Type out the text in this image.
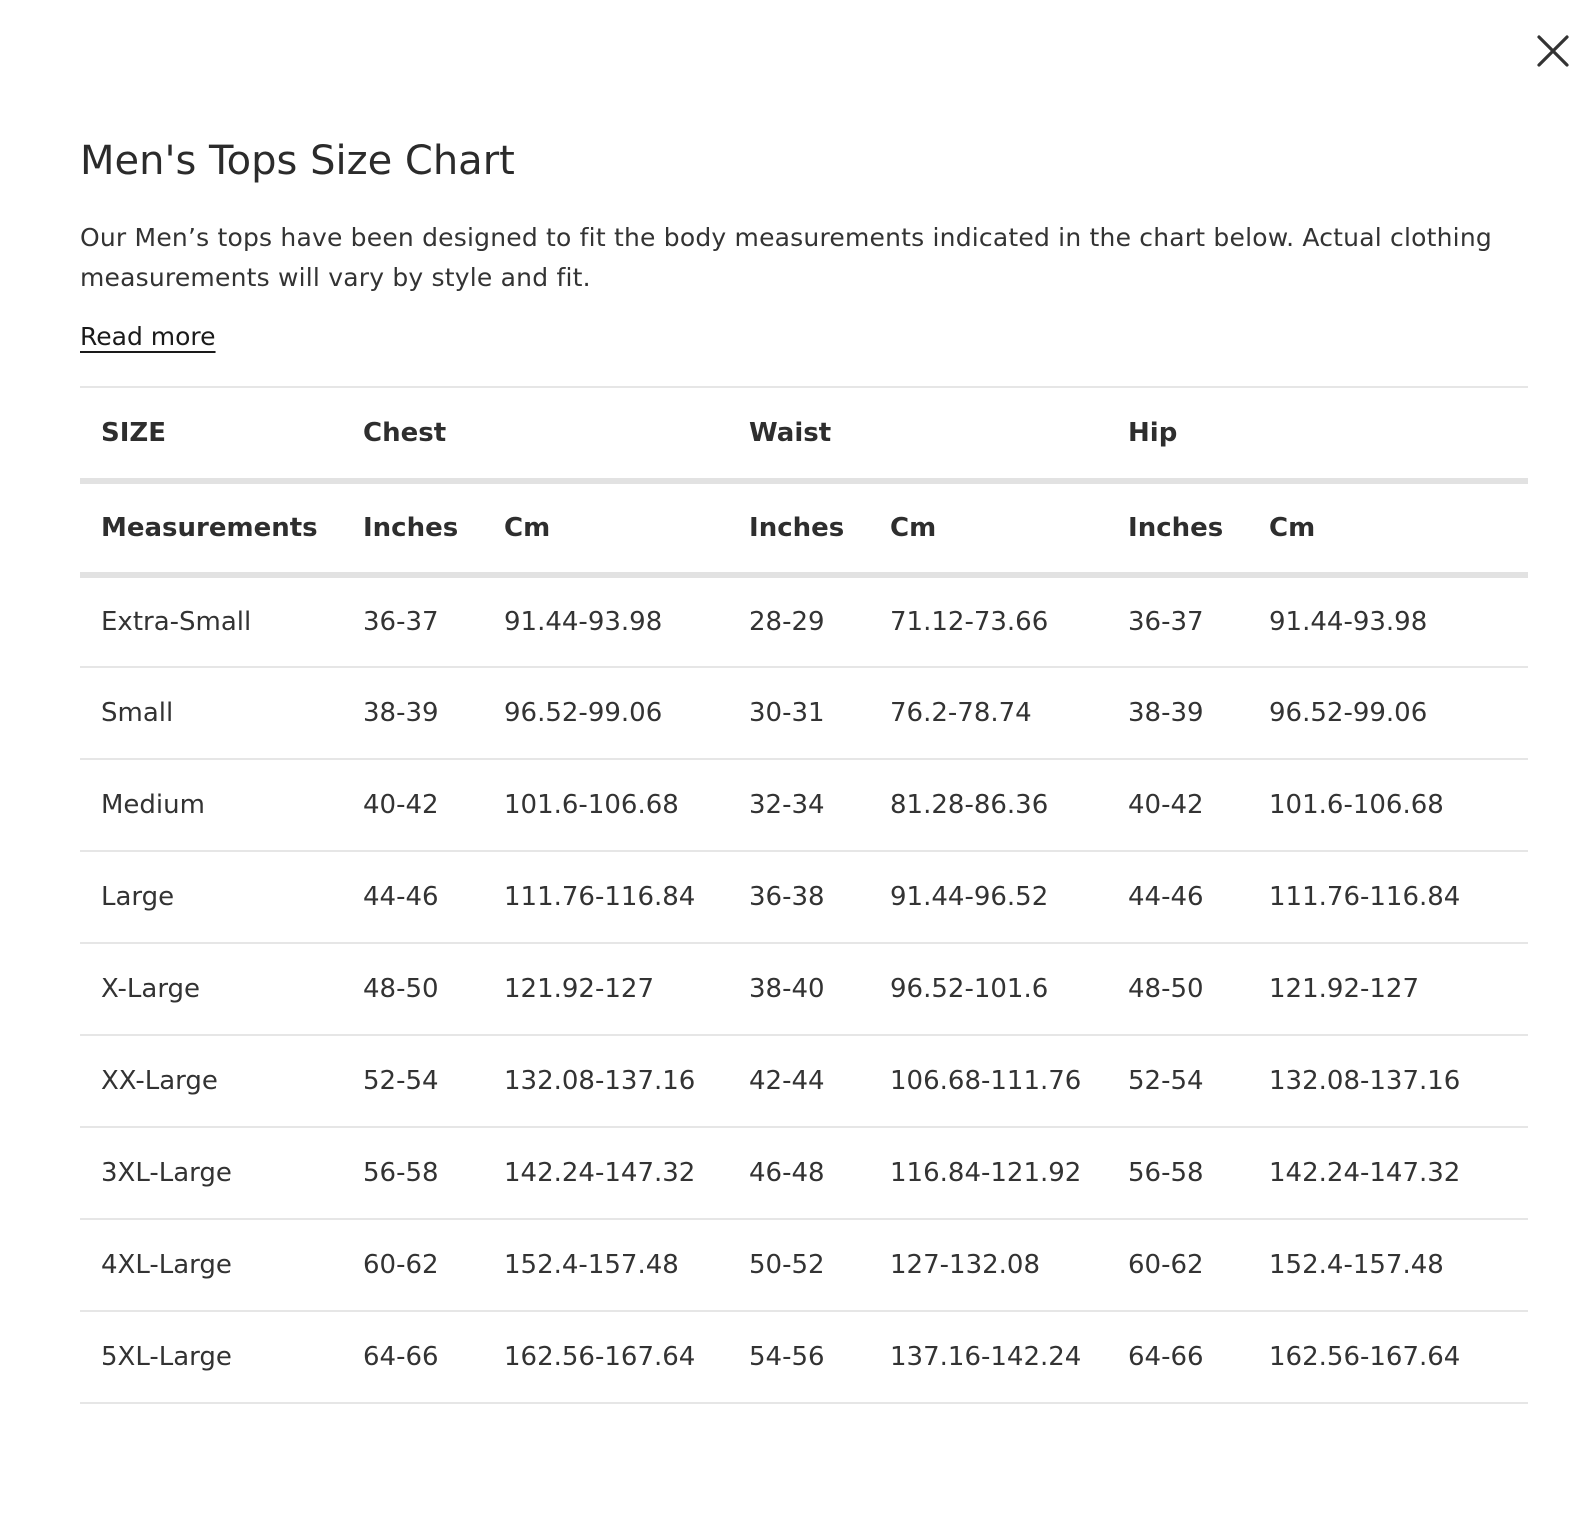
Men's Tops Size Chart

Our Men’s tops have been designed to fit the body measurements indicated in the chart below. Actual clothing measurements will vary by style and fit.

Read more
SIZE	Chest		Waist		Hip	
Measurements	Inches	Cm	Inches	Cm	Inches	Cm
Extra-Small	36-37	91.44-93.98	28-29	71.12-73.66	36-37	91.44-93.98
Small	38-39	96.52-99.06	30-31	76.2-78.74	38-39	96.52-99.06
Medium	40-42	101.6-106.68	32-34	81.28-86.36	40-42	101.6-106.68
Large	44-46	111.76-116.84	36-38	91.44-96.52	44-46	111.76-116.84
X-Large	48-50	121.92-127	38-40	96.52-101.6	48-50	121.92-127
XX-Large	52-54	132.08-137.16	42-44	106.68-111.76	52-54	132.08-137.16
3XL-Large	56-58	142.24-147.32	46-48	116.84-121.92	56-58	142.24-147.32
4XL-Large	60-62	152.4-157.48	50-52	127-132.08	60-62	152.4-157.48
5XL-Large	64-66	162.56-167.64	54-56	137.16-142.24	64-66	162.56-167.64
